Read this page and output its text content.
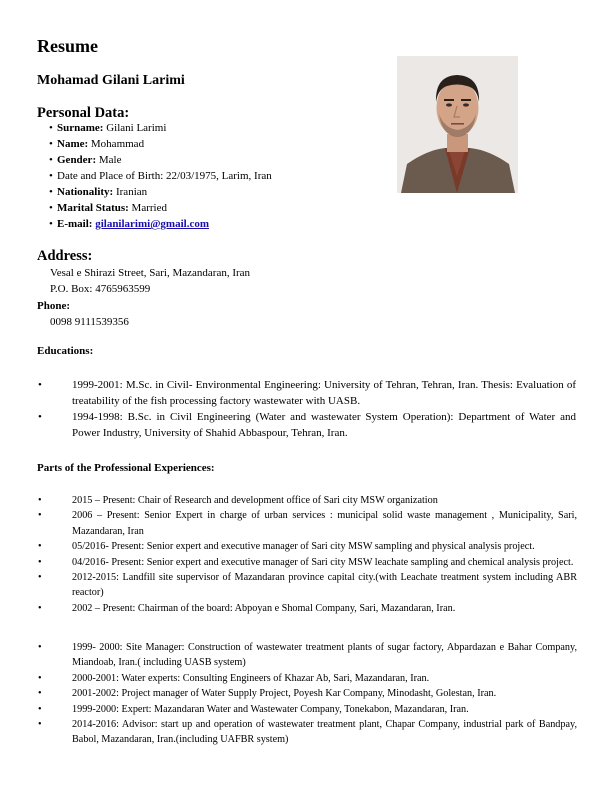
Resume
Mohamad Gilani Larimi
Personal Data:
• Surname: Gilani Larimi
• Name: Mohammad
• Gender: Male
• Date and Place of Birth: 22/03/1975, Larim, Iran
• Nationality: Iranian
• Marital Status: Married
• E-mail: gilanilarimi@gmail.com
Address:
Vesal e Shirazi Street, Sari, Mazandaran, Iran
P.O. Box: 4765963599
Phone:
0098 9111539356
Educations:
•	1999-2001: M.Sc. in Civil- Environmental Engineering: University of Tehran, Tehran, Iran. Thesis: Evaluation of treatability of the fish processing factory wastewater with UASB.
•	1994-1998: B.Sc. in Civil Engineering (Water and wastewater System Operation): Department of Water and Power Industry, University of Shahid Abbaspour, Tehran, Iran.
Parts of the Professional Experiences:
•	2015 – Present: Chair of Research and development office of Sari city MSW organization
•	2006 – Present: Senior Expert in charge of urban services : municipal solid waste management , Municipality, Sari, Mazandaran, Iran
•	05/2016- Present: Senior expert and executive manager of Sari city MSW sampling and physical analysis project.
•	04/2016- Present: Senior expert and executive manager of Sari city MSW leachate sampling and chemical analysis project.
•	2012-2015: Landfill site supervisor of Mazandaran province capital city.(with Leachate treatment system including ABR reactor)
•	2002 – Present: Chairman of the board: Abpoyan e Shomal Company, Sari, Mazandaran, Iran.
•	1999- 2000: Site Manager: Construction of wastewater treatment plants of sugar factory, Abpardazan e Bahar Company, Miandoab, Iran.( including UASB system)
•	2000-2001: Water experts: Consulting Engineers of Khazar Ab, Sari, Mazandaran, Iran.
•	2001-2002: Project manager of Water Supply Project, Poyesh Kar Company, Minodasht, Golestan, Iran.
•	1999-2000: Expert: Mazandaran Water and Wastewater Company, Tonekabon, Mazandaran, Iran.
•	2014-2016: Advisor: start up and operation of wastewater treatment plant, Chapar Company, industrial park of Bandpay, Babol, Mazandaran, Iran.(including UAFBR system)
